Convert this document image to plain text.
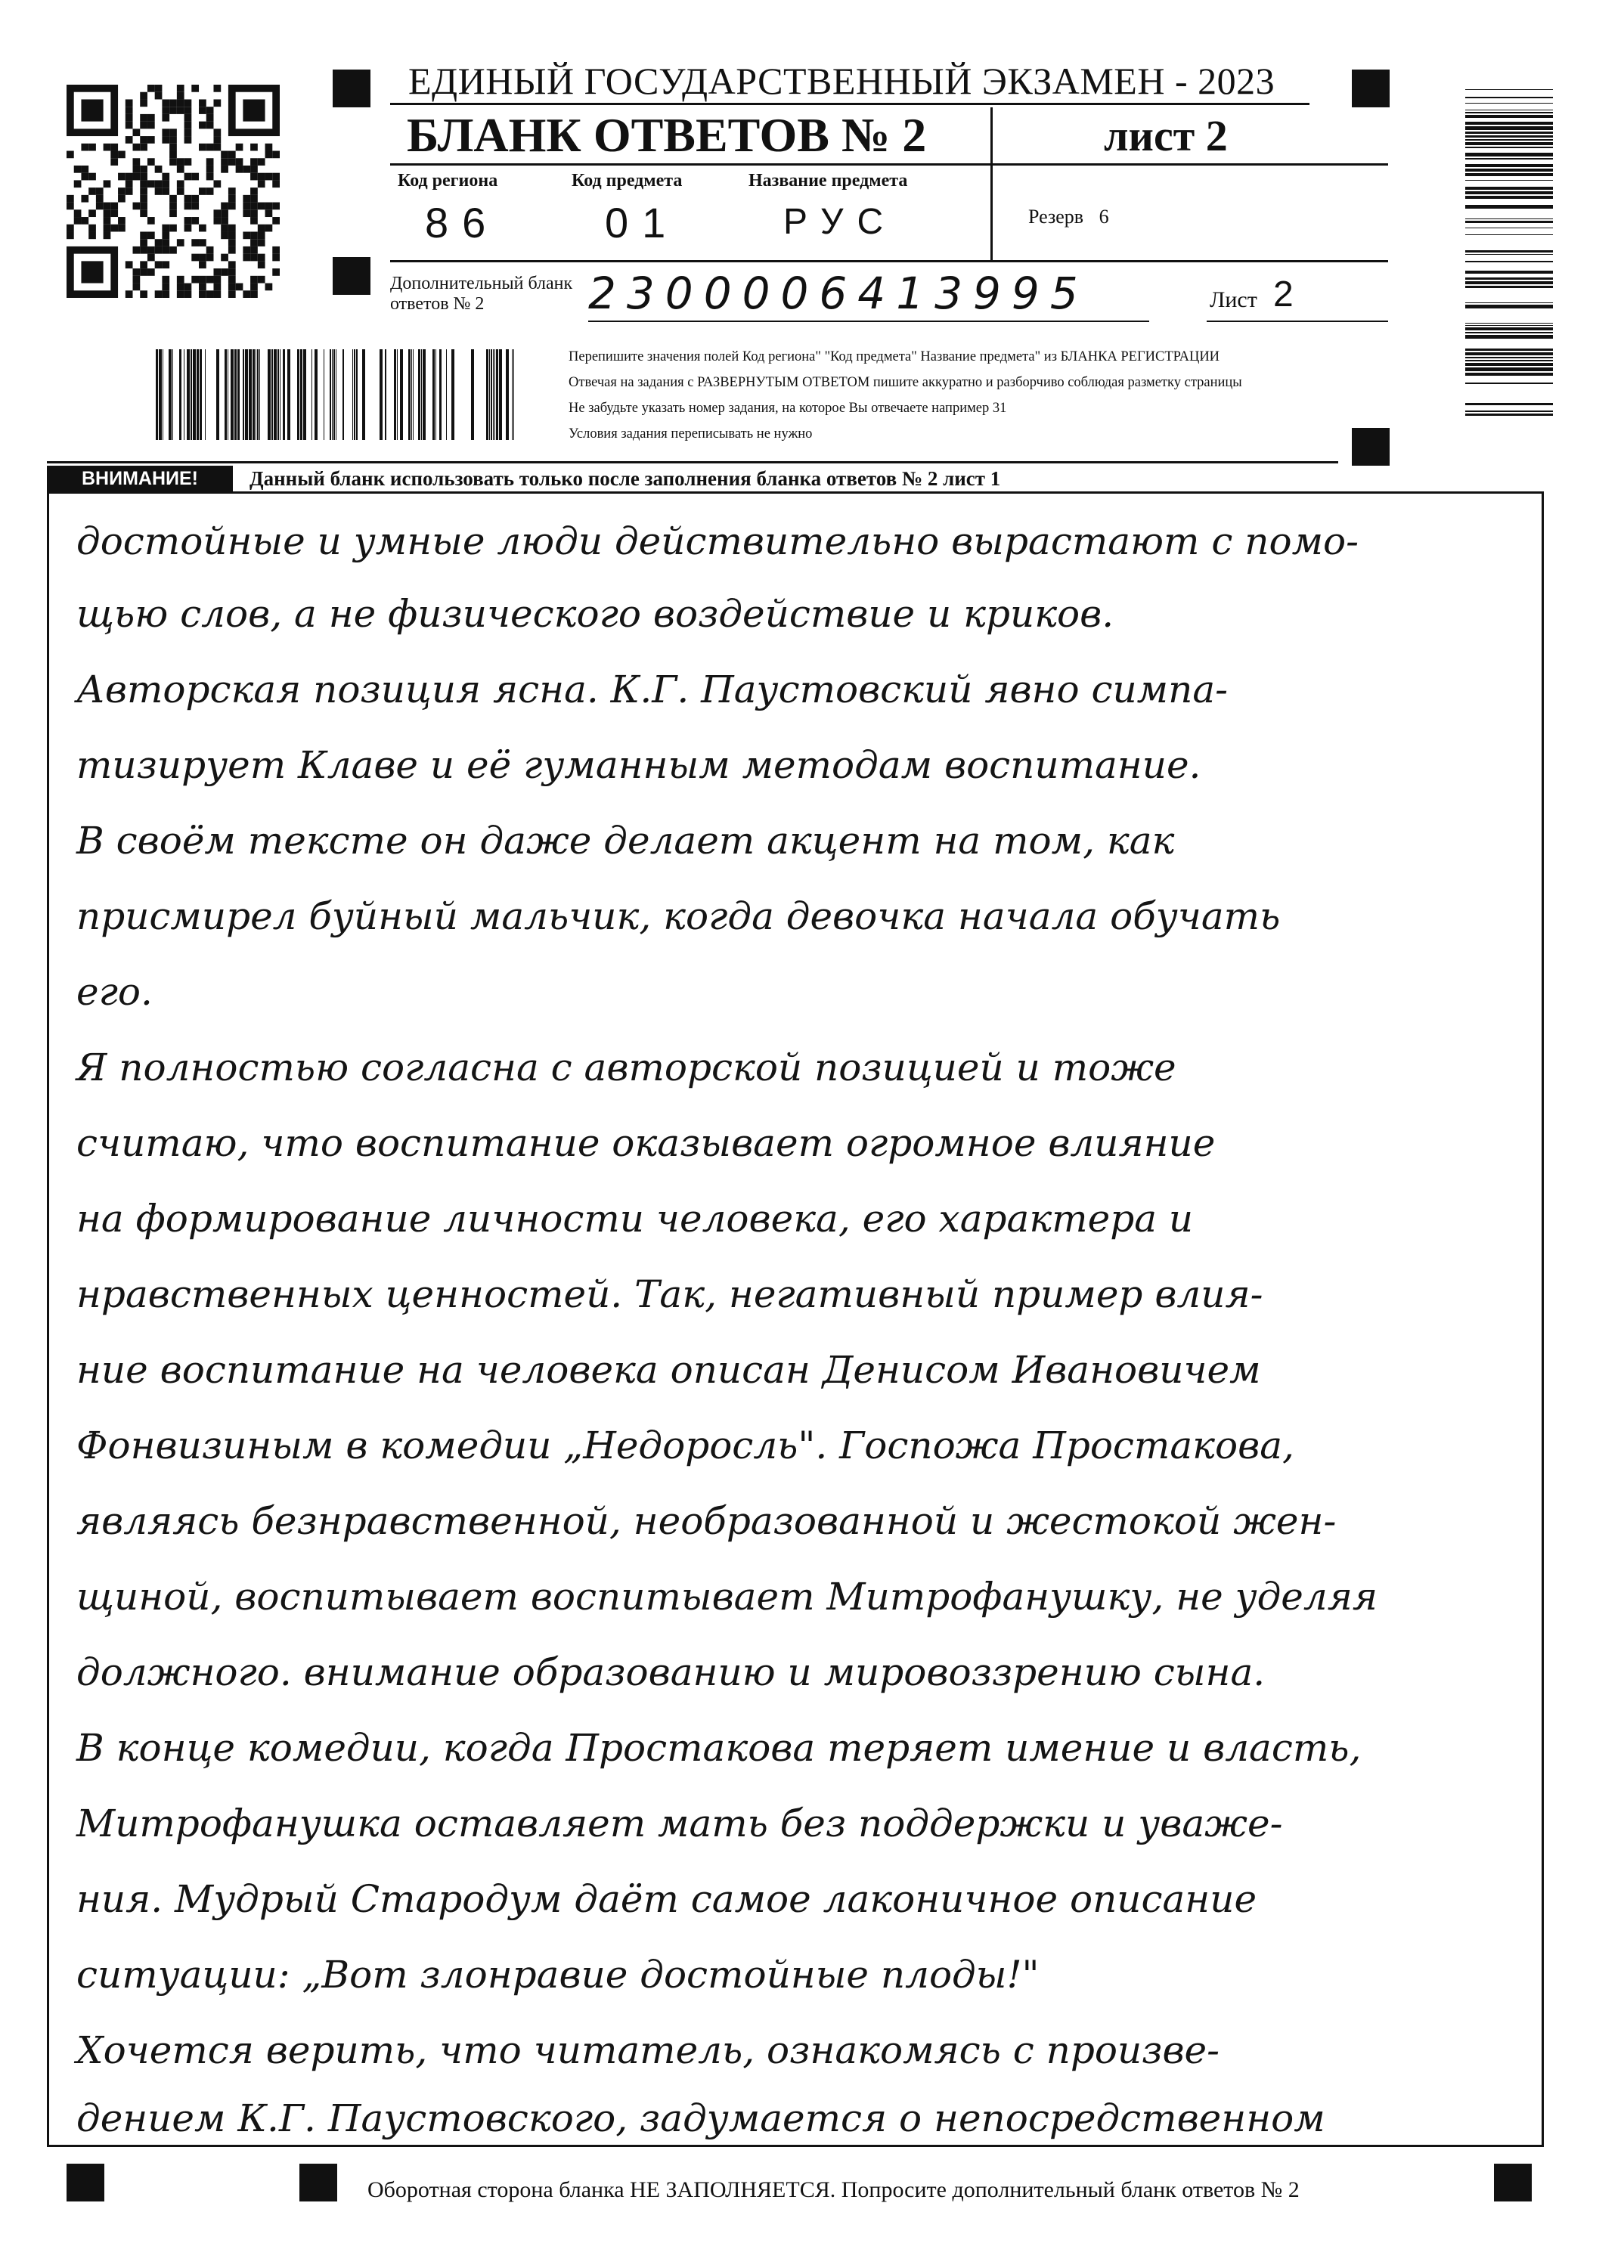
ЕДИНЫЙ ГОСУДАРСТВЕННЫЙ ЭКЗАМЕН - 2023
БЛАНК ОТВЕТОВ № 2	лист 2
Код региона
86
Код предмета
01
Название предмета
РУС	Резерв 6
Дополнительный бланк ответов № 2	2300006413995	Лист 2
Перепишите значения полей Код региона" "Код предмета" Название предмета" из БЛАНКА РЕГИСТРАЦИИ
Отвечая на задания с РАЗВЕРНУТЫМ ОТВЕТОМ пишите аккуратно и разборчиво соблюдая разметку страницы
Не забудьте указать номер задания, на которое Вы отвечаете например 31
Условия задания переписывать не нужно
ВНИМАНИЕ!	Данный бланк использовать только после заполнения бланка ответов № 2 лист 1
достойные и умные люди действительно вырастают с помо-
щью слов, а не физического воздействие и криков.
Авторская позиция ясна. К.Г. Паустовский явно симпа-
тизирует Клаве и её гуманным методам воспитание.
В своём тексте он даже делает акцент на том, как
присмирел буйный мальчик, когда девочка начала обучать
его.
Я полностью согласна с авторской позицией и тоже
считаю, что воспитание оказывает огромное влияние
на формирование личности человека, его характера и
нравственных ценностей. Так, негативный пример влия-
ние воспитание на человека описан Денисом Ивановичем
Фонвизиным в комедии „Недоросль". Госпожа Простакова,
являясь безнравственной, необразованной и жестокой жен-
щиной, воспитывает воспитывает Митрофанушку, не уделяя
должного. внимание образованию и мировоззрению сына.
В конце комедии, когда Простакова теряет имение и власть,
Митрофанушка оставляет мать без поддержки и уваже-
ния. Мудрый Стародум даёт самое лаконичное описание
ситуации: „Вот злонравие достойные плоды!"
Хочется верить, что читатель, ознакомясь с произве-
дением К.Г. Паустовского, задумается о непосредственном
Оборотная сторона бланка НЕ ЗАПОЛНЯЕТСЯ. Попросите дополнительный бланк ответов № 2
